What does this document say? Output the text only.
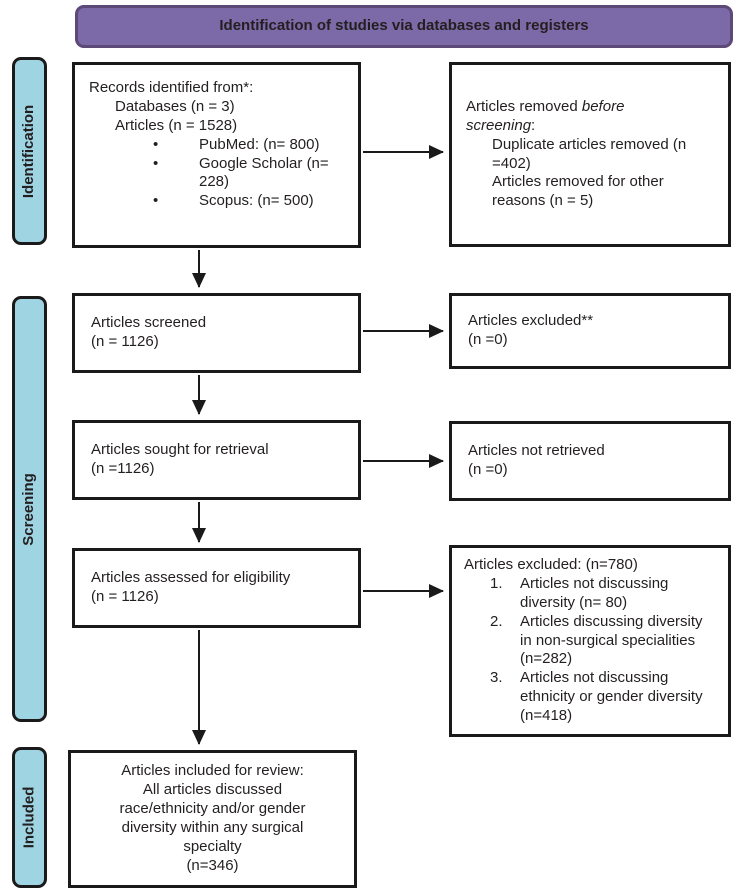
Identification of studies via databases and registers
Identification
Screening
Included
Records identified from*:
Databases (n = 3)
Articles (n = 1528)
• PubMed: (n= 800)
• Google Scholar (n= 228)
• Scopus: (n= 500)
Articles removed before
screening:
Duplicate articles removed (n =402)
Articles removed for other reasons (n = 5)
Articles screened
(n = 1126)
Articles excluded**
(n =0)
Articles sought for retrieval
(n =1126)
Articles not retrieved
(n =0)
Articles assessed for eligibility
(n = 1126)
Articles excluded: (n=780)
Articles not discussing diversity (n= 80)
Articles discussing diversity in non-surgical specialities (n=282)
Articles not discussing ethnicity or gender diversity (n=418)
Articles included for review:
All articles discussed
race/ethnicity and/or gender
diversity within any surgical
specialty
(n=346)
